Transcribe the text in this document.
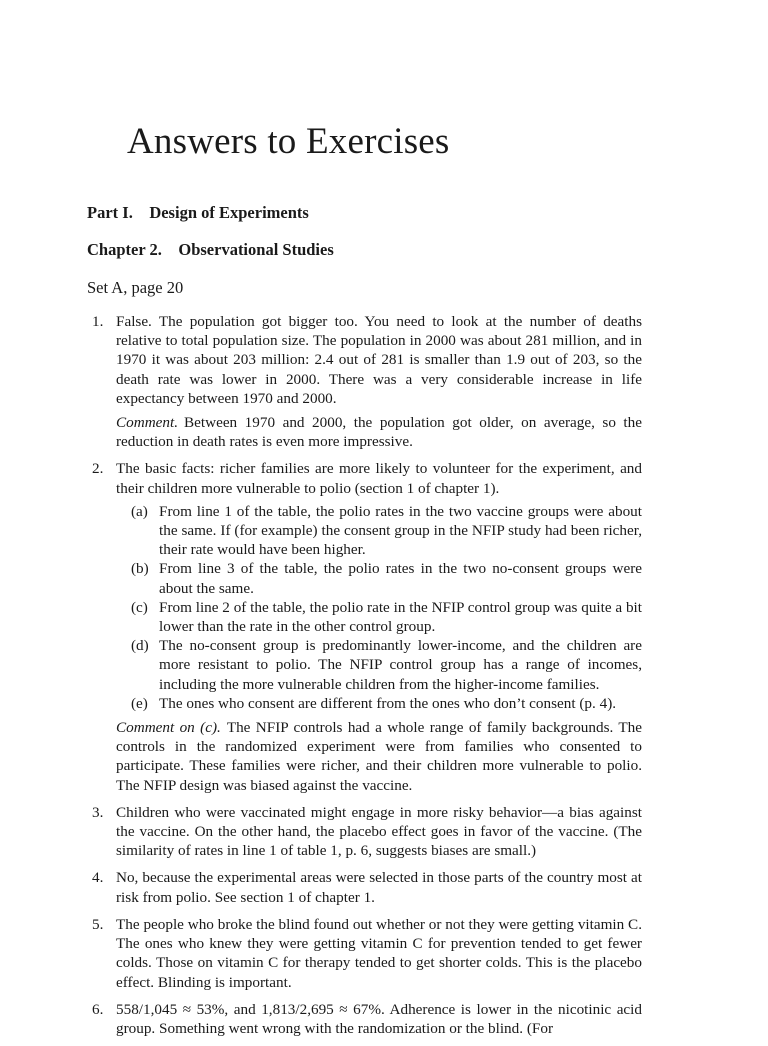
Answers to Exercises
Part I. Design of Experiments
Chapter 2. Observational Studies

Set A, page 20

1. False. The population got bigger too. You need to look at the number of deaths relative to total population size. The population in 2000 was about 281 million, and in 1970 it was about 203 million: 2.4 out of 281 is smaller than 1.9 out of 203, so the death rate was lower in 2000. There was a very considerable increase in life expectancy between 1970 and 2000.

Comment. Between 1970 and 2000, the population got older, on average, so the reduction in death rates is even more impressive.

2. The basic facts: richer families are more likely to volunteer for the experiment, and their children more vulnerable to polio (section 1 of chapter 1).

(a) From line 1 of the table, the polio rates in the two vaccine groups were about the same. If (for example) the consent group in the NFIP study had been richer, their rate would have been higher.
(b) From line 3 of the table, the polio rates in the two no-consent groups were about the same.
(c) From line 2 of the table, the polio rate in the NFIP control group was quite a bit lower than the rate in the other control group.
(d) The no-consent group is predominantly lower-income, and the children are more resistant to polio. The NFIP control group has a range of incomes, including the more vulnerable children from the higher-income families.
(e) The ones who consent are different from the ones who don’t consent (p. 4).

Comment on (c). The NFIP controls had a whole range of family backgrounds. The controls in the randomized experiment were from families who consented to participate. These families were richer, and their children more vulnerable to polio. The NFIP design was biased against the vaccine.

3. Children who were vaccinated might engage in more risky behavior—a bias against the vaccine. On the other hand, the placebo effect goes in favor of the vaccine. (The similarity of rates in line 1 of table 1, p. 6, suggests biases are small.)

4. No, because the experimental areas were selected in those parts of the country most at risk from polio. See section 1 of chapter 1.

5. The people who broke the blind found out whether or not they were getting vitamin C. The ones who knew they were getting vitamin C for prevention tended to get fewer colds. Those on vitamin C for therapy tended to get shorter colds. This is the placebo effect. Blinding is important.

6. 558/1,045 ≈ 53%, and 1,813/2,695 ≈ 67%. Adherence is lower in the nicotinic acid group. Something went wrong with the randomization or the blind. (For
